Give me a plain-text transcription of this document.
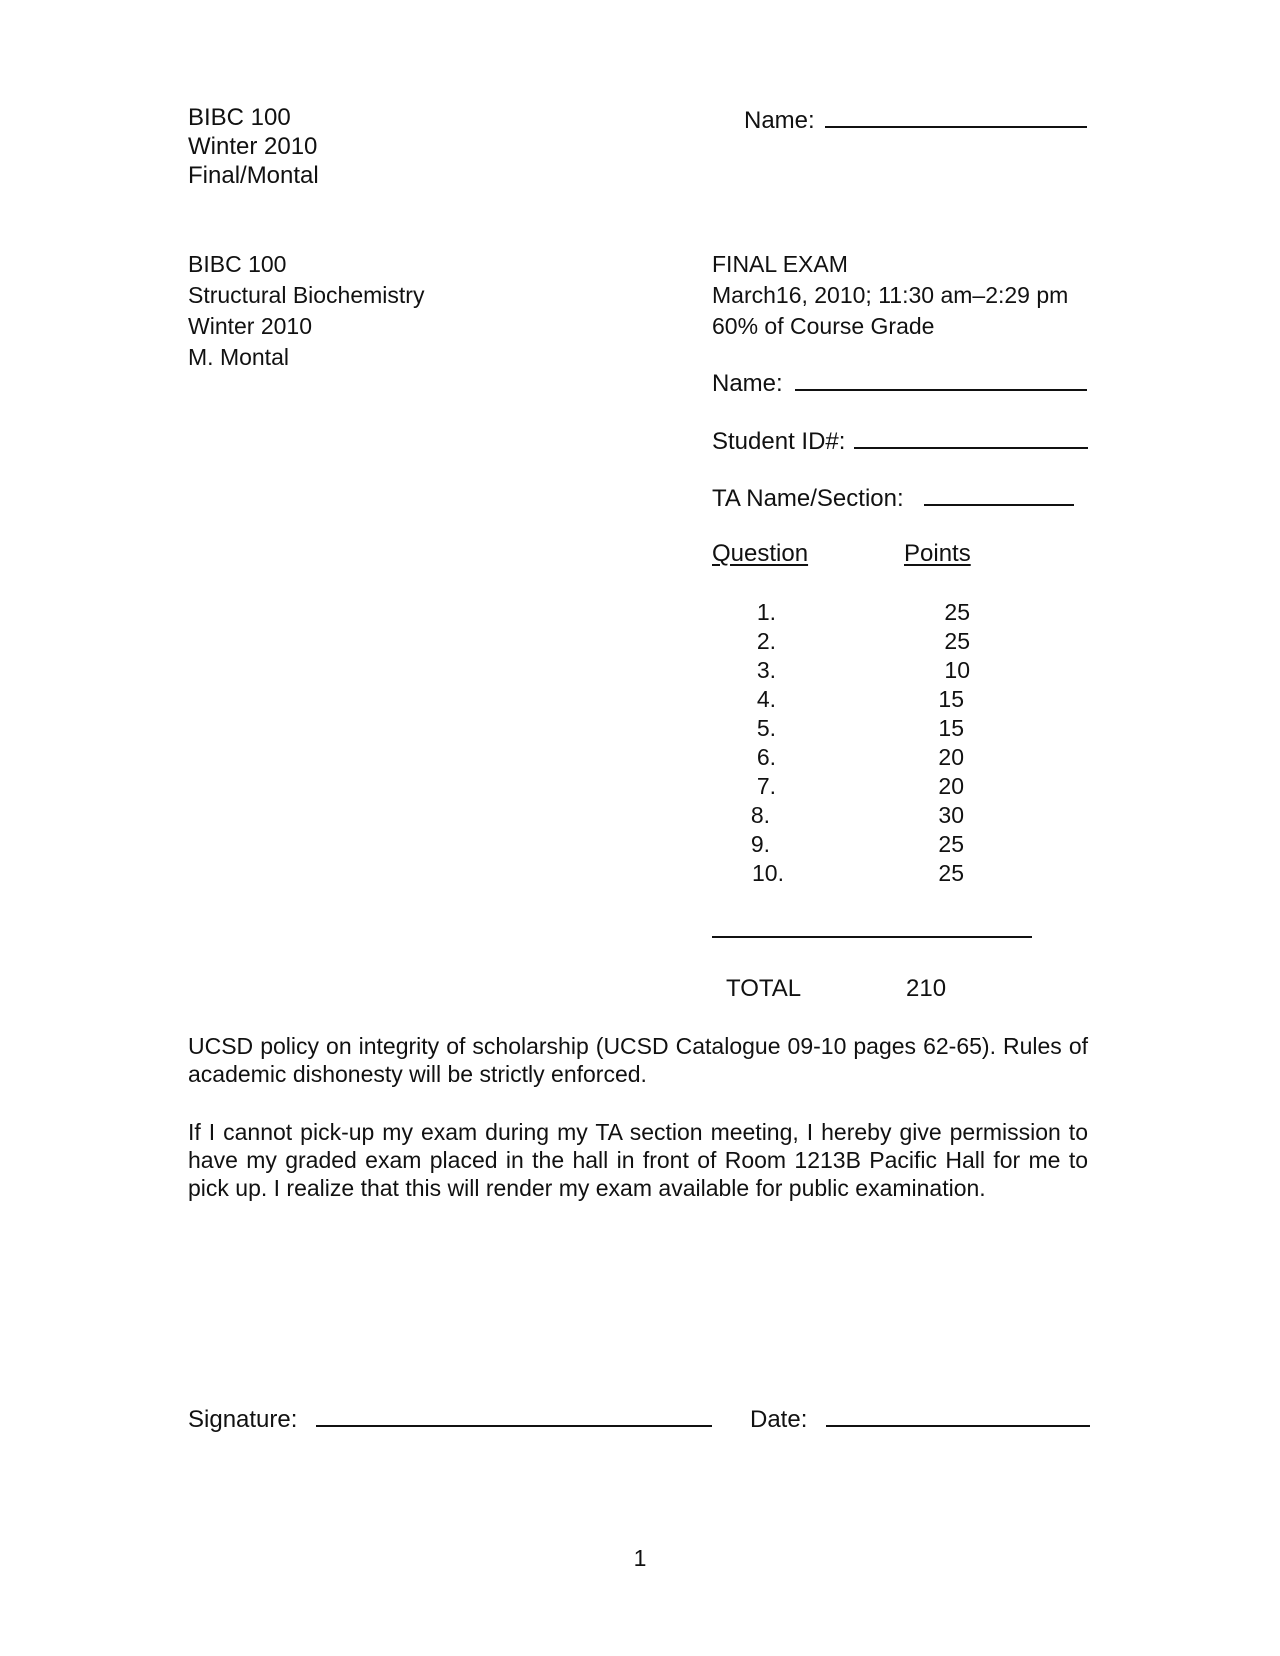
BIBC 100
Winter 2010
Final/Montal
Name:
BIBC 100
Structural Biochemistry
Winter 2010
M. Montal
FINAL EXAM
March16, 2010; 11:30 am–2:29 pm
60% of Course Grade
Name:
Student ID#:
TA Name/Section:
Question	Points
1.	25
2.	25
3.	10
4.	15
5.	15
6.	20
7.	20
8.	30
9.	25
10.	25
TOTAL	210
UCSD policy on integrity of scholarship (UCSD Catalogue 09-10 pages 62-65). Rules of academic dishonesty will be strictly enforced.
If I cannot pick-up my exam during my TA section meeting, I hereby give permission to have my graded exam placed in the hall in front of Room 1213B Pacific Hall for me to pick up. I realize that this will render my exam available for public examination.
Signature:	Date:
1
